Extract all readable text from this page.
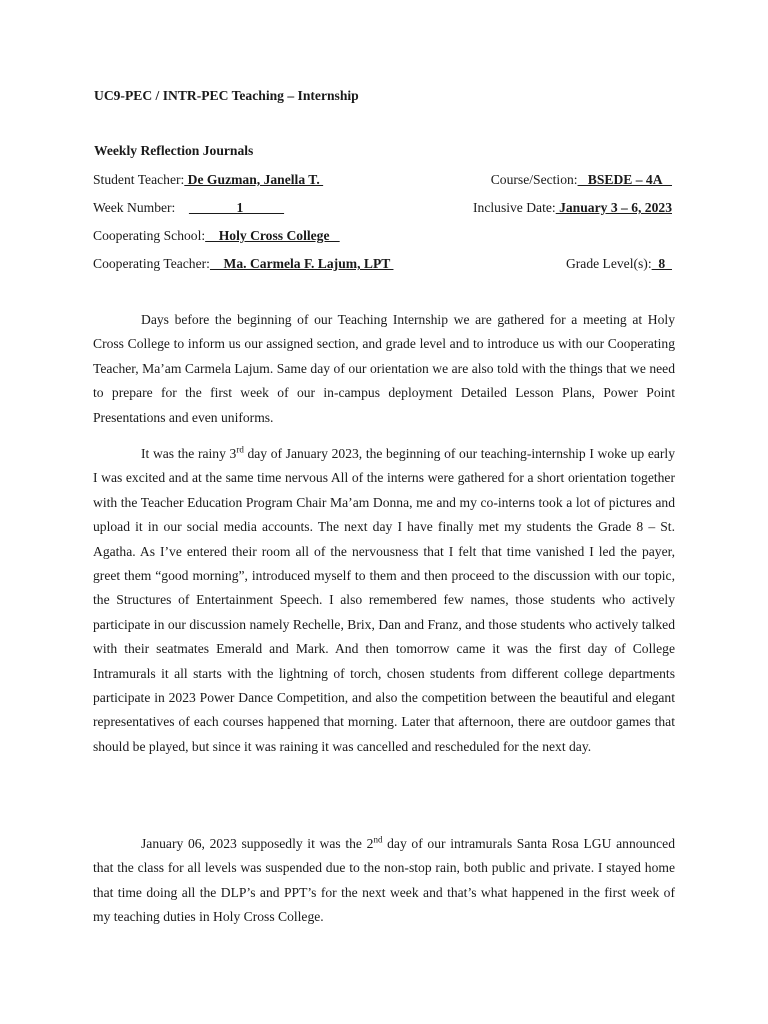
UC9-PEC / INTR-PEC Teaching – Internship
Weekly Reflection Journals
Student Teacher: De Guzman, Janella T.	Course/Section:   BSEDE – 4A
Week Number:                  1	Inclusive Date: January 3 – 6, 2023
Cooperating School:    Holy Cross College
Cooperating Teacher:    Ma. Carmela F. Lajum, LPT	Grade Level(s):  8

Days before the beginning of our Teaching Internship we are gathered for a meeting at Holy Cross College to inform us our assigned section, and grade level and to introduce us with our Cooperating Teacher, Ma’am Carmela Lajum. Same day of our orientation we are also told with the things that we need to prepare for the first week of our in-campus deployment Detailed Lesson Plans, Power Point Presentations and even uniforms.

It was the rainy 3rd day of January 2023, the beginning of our teaching-internship I woke up early I was excited and at the same time nervous All of the interns were gathered for a short orientation together with the Teacher Education Program Chair Ma’am Donna, me and my co-interns took a lot of pictures and upload it in our social media accounts. The next day I have finally met my students the Grade 8 – St. Agatha. As I’ve entered their room all of the nervousness that I felt that time vanished I led the payer, greet them “good morning”, introduced myself to them and then proceed to the discussion with our topic, the Structures of Entertainment Speech. I also remembered few names, those students who actively participate in our discussion namely Rechelle, Brix, Dan and Franz, and those students who actively talked with their seatmates Emerald and Mark. And then tomorrow came it was the first day of College Intramurals it all starts with the lightning of torch, chosen students from different college departments participate in 2023 Power Dance Competition, and also the competition between the beautiful and elegant representatives of each courses happened that morning. Later that afternoon, there are outdoor games that should be played, but since it was raining it was cancelled and rescheduled for the next day.

January 06, 2023 supposedly it was the 2nd day of our intramurals Santa Rosa LGU announced that the class for all levels was suspended due to the non-stop rain, both public and private. I stayed home that time doing all the DLP’s and PPT’s for the next week and that’s what happened in the first week of my teaching duties in Holy Cross College.
